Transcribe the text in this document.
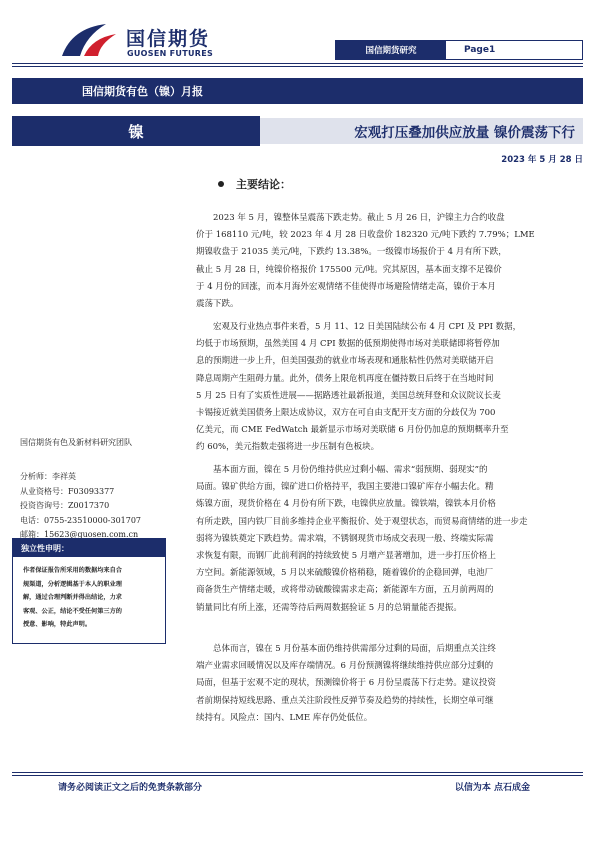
国信期货
GUOSEN FUTURES	国信期货研究	Page1
国信期货有色（镍）月报
镍	宏观打压叠加供应放量 镍价震荡下行
2023 年 5 月 28 日
国信期货有色及新材料研究团队
分析师：李祥英
从业资格号：F03093377
投资咨询号：Z0017370
电话：0755-23510000-301707
邮箱：15623@guosen.com.cn
独立性申明：
作者保证报告所采用的数据均来自合
规渠道，分析逻辑基于本人的职业理
解，通过合理判断并得出结论，力求
客观、公正，结论不受任何第三方的
授意、影响，特此声明。
主要结论：
2023 年 5 月，镍整体呈震荡下跌走势。截止 5 月 26 日，沪镍主力合约收盘
价于 168110 元/吨，较 2023 年 4 月 28 日收盘价 182320 元/吨下跌约 7.79%；LME
期镍收盘于 21035 美元/吨，下跌约 13.38%。一级镍市场报价于 4 月有所下跌，
截止 5 月 28 日，纯镍价格报价 175500 元/吨。究其原因，基本面支撑不足镍价
于 4 月份的回涨，而本月海外宏观情绪不佳使得市场避险情绪走高，镍价于本月
震荡下跌。
宏观及行业热点事件来看，5 月 11、12 日美国陆续公布 4 月 CPI 及 PPI 数据，
均低于市场预期，虽然美国 4 月 CPI 数据的低预期使得市场对美联储即将暂停加
息的预期进一步上升，但美国强劲的就业市场表现和通胀粘性仍然对美联储开启
降息周期产生阻碍力量。此外，债务上限危机再度在僵持数日后终于在当地时间
5 月 25 日有了实质性进展——据路透社最新报道，美国总统拜登和众议院议长麦
卡锡接近就美国债务上限达成协议，双方在可自由支配开支方面的分歧仅为 700
亿美元，而 CME FedWatch 最新显示市场对美联储 6 月份仍加息的预期概率升至
约 60%，美元指数走强将进一步压制有色板块。
基本面方面，镍在 5 月份仍维持供应过剩小幅、需求“弱预期、弱现实”的
局面。镍矿供给方面，镍矿进口价格持平，我国主要港口镍矿库存小幅去化。精
炼镍方面，现货价格在 4 月份有所下跌，电镍供应放量。镍铁端，镍铁本月价格
有所走跌，国内铁厂目前多维持企业平衡报价、处于观望状态，而贸易商情绪的进一步走
弱将为镍铁奠定下跌趋势。需求端，不锈钢现货市场成交表现一般、终端实际需
求恢复有限，而钢厂此前利润的持续致使 5 月增产显著增加，进一步打压价格上
方空间。新能源领域，5 月以来硫酸镍价格稍稳，随着镍价的企稳回弹，电池厂
商备货生产情绪走暖，或将带动硫酸镍需求走高；新能源车方面，五月前两周的
销量同比有所上涨，还需等待后两周数据验证 5 月的总销量能否提振。
总体而言，镍在 5 月份基本面仍维持供需部分过剩的局面，后期重点关注终
端产业需求回暖情况以及库存端情况。6 月份预测镍将继续维持供应部分过剩的
局面，但基于宏观不定的现状，预测镍价将于 6 月份呈震荡下行走势。建议投资
者前期保持短线思路、重点关注阶段性反弹节奏及趋势的持续性，长期空单可继
续持有。风险点：国内、LME 库存仍处低位。
请务必阅读正文之后的免责条款部分	以信为本 点石成金
